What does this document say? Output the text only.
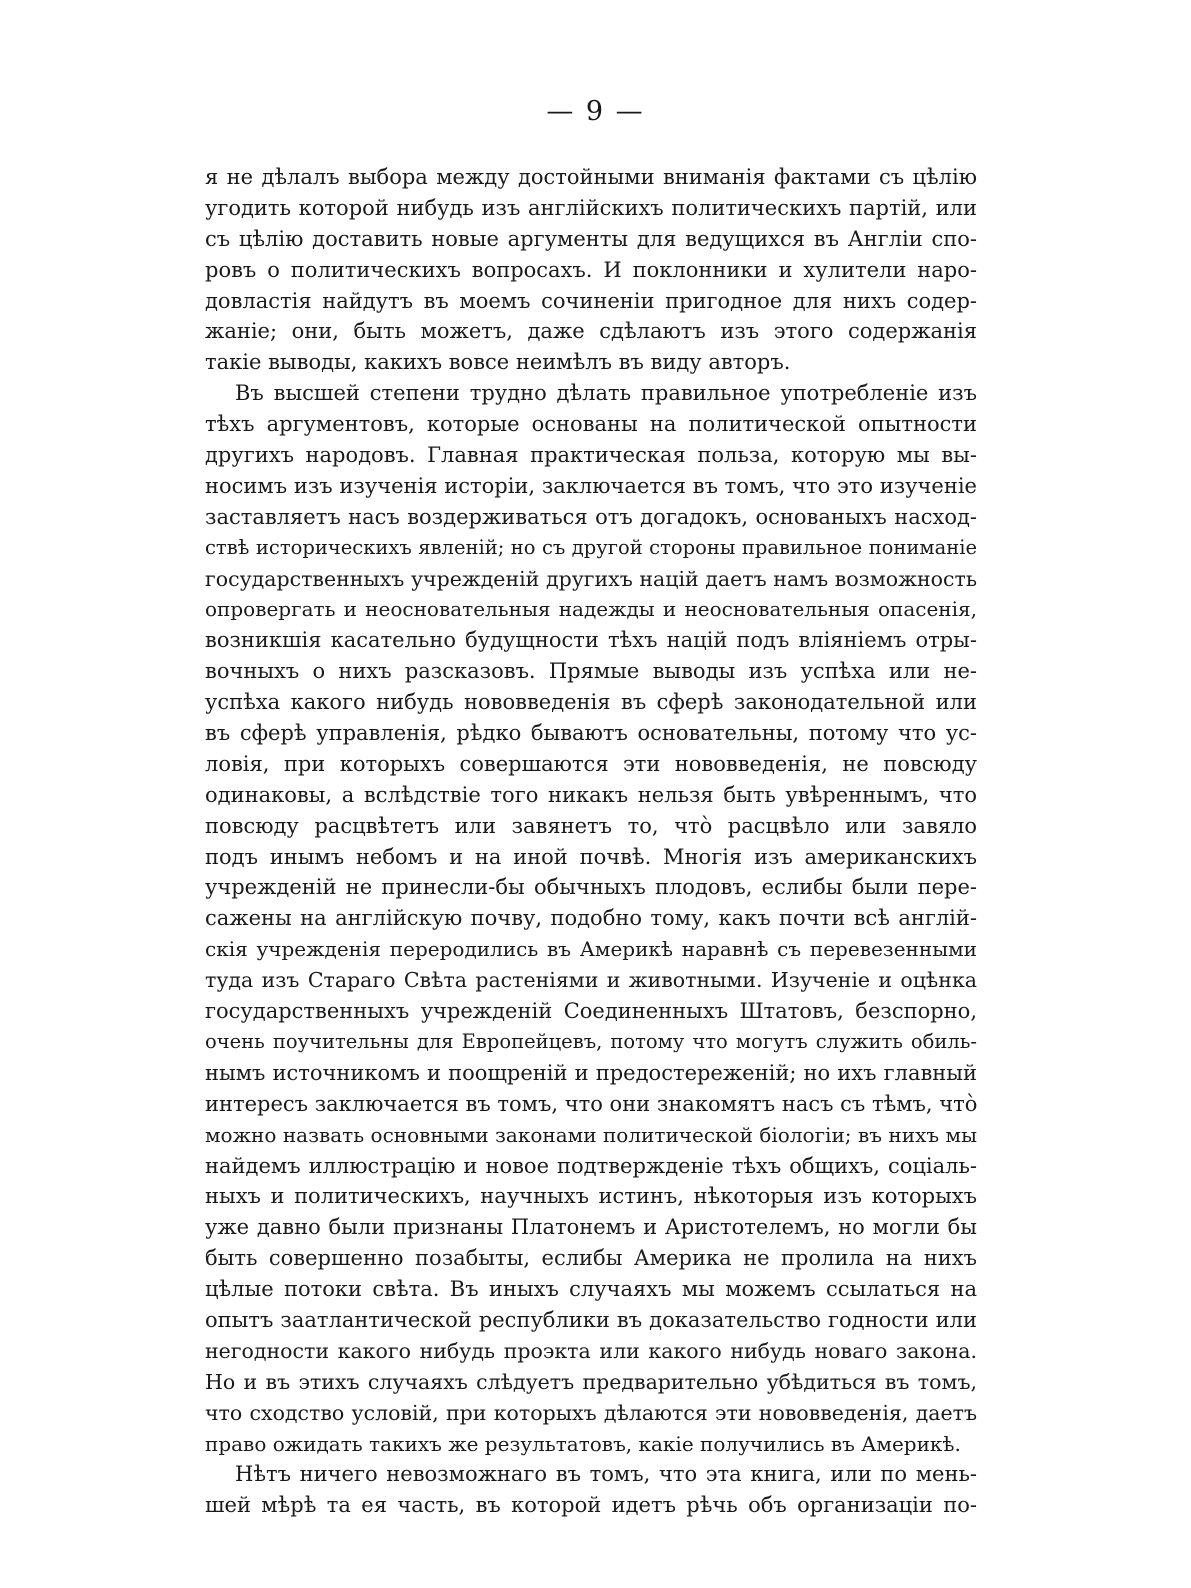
— 9 —
я не дѣлалъ выбора между достойными вниманія фактами съ цѣлію
угодить которой нибудь изъ англійскихъ политическихъ партій, или
съ цѣлію доставить новые аргументы для ведущихся въ Англіи спо-
ровъ о политическихъ вопросахъ. И поклонники и хулители наро-
довластія найдутъ въ моемъ сочиненіи пригодное для нихъ содер-
жаніе; они, быть можетъ, даже сдѣлаютъ изъ этого содержанія
такіе выводы, какихъ вовсе неимѣлъ въ виду авторъ.
Въ высшей степени трудно дѣлать правильное употребленіе изъ
тѣхъ аргументовъ, которые основаны на политической опытности
другихъ народовъ. Главная практическая польза, которую мы вы-
носимъ изъ изученія исторіи, заключается въ томъ, что это изученіе
заставляетъ насъ воздерживаться отъ догадокъ, основаныхъ насход-
ствѣ историческихъ явленій; но съ другой стороны правильное пониманіе
государственныхъ учрежденій другихъ націй даетъ намъ возможность
опровергать и неосновательныя надежды и неосновательныя опасенія,
возникшія касательно будущности тѣхъ націй подъ вліяніемъ отры-
вочныхъ о нихъ разсказовъ. Прямые выводы изъ успѣха или не-
успѣха какого нибудь нововведенія въ сферѣ законодательной или
въ сферѣ управленія, рѣдко бываютъ основательны, потому что ус-
ловія, при которыхъ совершаются эти нововведенія, не повсюду
одинаковы, а вслѣдствіе того никакъ нельзя быть увѣреннымъ, что
повсюду расцвѣтетъ или завянетъ то, что̀ расцвѣло или завяло
подъ инымъ небомъ и на иной почвѣ. Многія изъ американскихъ
учрежденій не принесли-бы обычныхъ плодовъ, еслибы были пере-
сажены на англійскую почву, подобно тому, какъ почти всѣ англій-
скія учрежденія переродились въ Америкѣ наравнѣ съ перевезенными
туда изъ Стараго Свѣта растеніями и животными. Изученіе и оцѣнка
государственныхъ учрежденій Соединенныхъ Штатовъ, безспорно,
очень поучительны для Европейцевъ, потому что могутъ служить обиль-
нымъ источникомъ и поощреній и предостереженій; но ихъ главный
интересъ заключается въ томъ, что они знакомятъ насъ съ тѣмъ, что̀
можно назвать основными законами политической біологіи; въ нихъ мы
найдемъ иллюстрацію и новое подтвержденіе тѣхъ общихъ, соціаль-
ныхъ и политическихъ, научныхъ истинъ, нѣкоторыя изъ которыхъ
уже давно были признаны Платонемъ и Аристотелемъ, но могли бы
быть совершенно позабыты, еслибы Америка не пролила на нихъ
цѣлые потоки свѣта. Въ иныхъ случаяхъ мы можемъ ссылаться на
опытъ заатлантической республики въ доказательство годности или
негодности какого нибудь проэкта или какого нибудь новаго закона.
Но и въ этихъ случаяхъ слѣдуетъ предварительно убѣдиться въ томъ,
что сходство условій, при которыхъ дѣлаются эти нововведенія, даетъ
право ожидать такихъ же результатовъ, какіе получились въ Америкѣ.
Нѣтъ ничего невозможнаго въ томъ, что эта книга, или по мень-
шей мѣрѣ та ея часть, въ которой идетъ рѣчь объ организаціи по-
